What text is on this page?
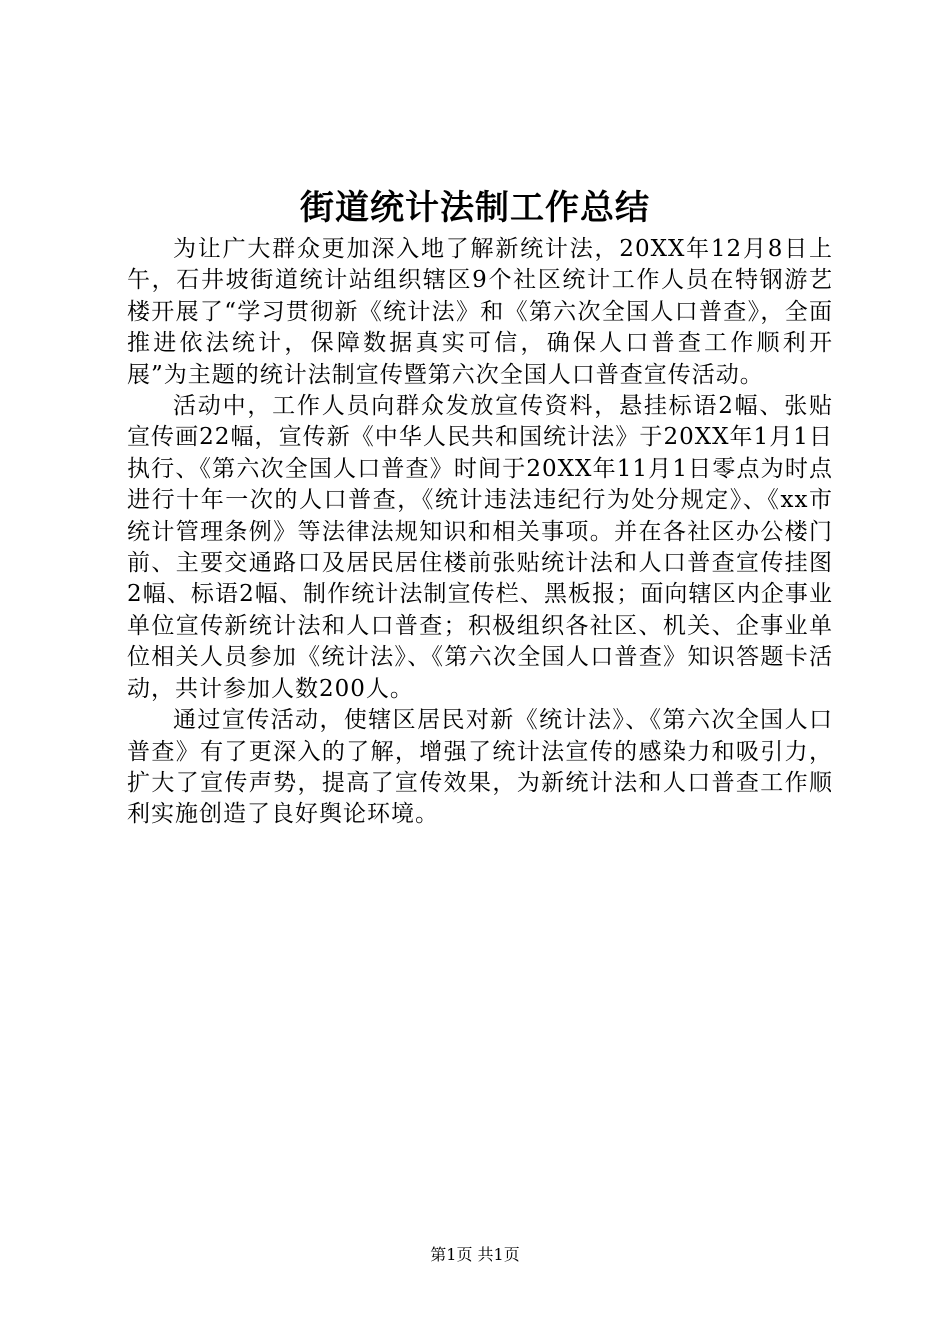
街道统计法制工作总结

为让广大群众更加深入地了解新统计法，20XX年12月8日上午，石井坡街道统计站组织辖区9个社区统计工作人员在特钢游艺楼开展了“学习贯彻新《统计法》和《第六次全国人口普查》，全面推进依法统计，保障数据真实可信，确保人口普查工作顺利开展”为主题的统计法制宣传暨第六次全国人口普查宣传活动。

活动中，工作人员向群众发放宣传资料，悬挂标语2幅、张贴宣传画22幅，宣传新《中华人民共和国统计法》于20XX年1月1日执行、《第六次全国人口普查》时间于20XX年11月1日零点为时点进行十年一次的人口普查，《统计违法违纪行为处分规定》、《xx市统计管理条例》等法律法规知识和相关事项。并在各社区办公楼门前、主要交通路口及居民居住楼前张贴统计法和人口普查宣传挂图2幅、标语2幅、制作统计法制宣传栏、黑板报；面向辖区内企事业单位宣传新统计法和人口普查；积极组织各社区、机关、企事业单位相关人员参加《统计法》、《第六次全国人口普查》知识答题卡活动，共计参加人数200人。

通过宣传活动，使辖区居民对新《统计法》、《第六次全国人口普查》有了更深入的了解，增强了统计法宣传的感染力和吸引力，扩大了宣传声势，提高了宣传效果，为新统计法和人口普查工作顺利实施创造了良好舆论环境。

第1页 共1页
